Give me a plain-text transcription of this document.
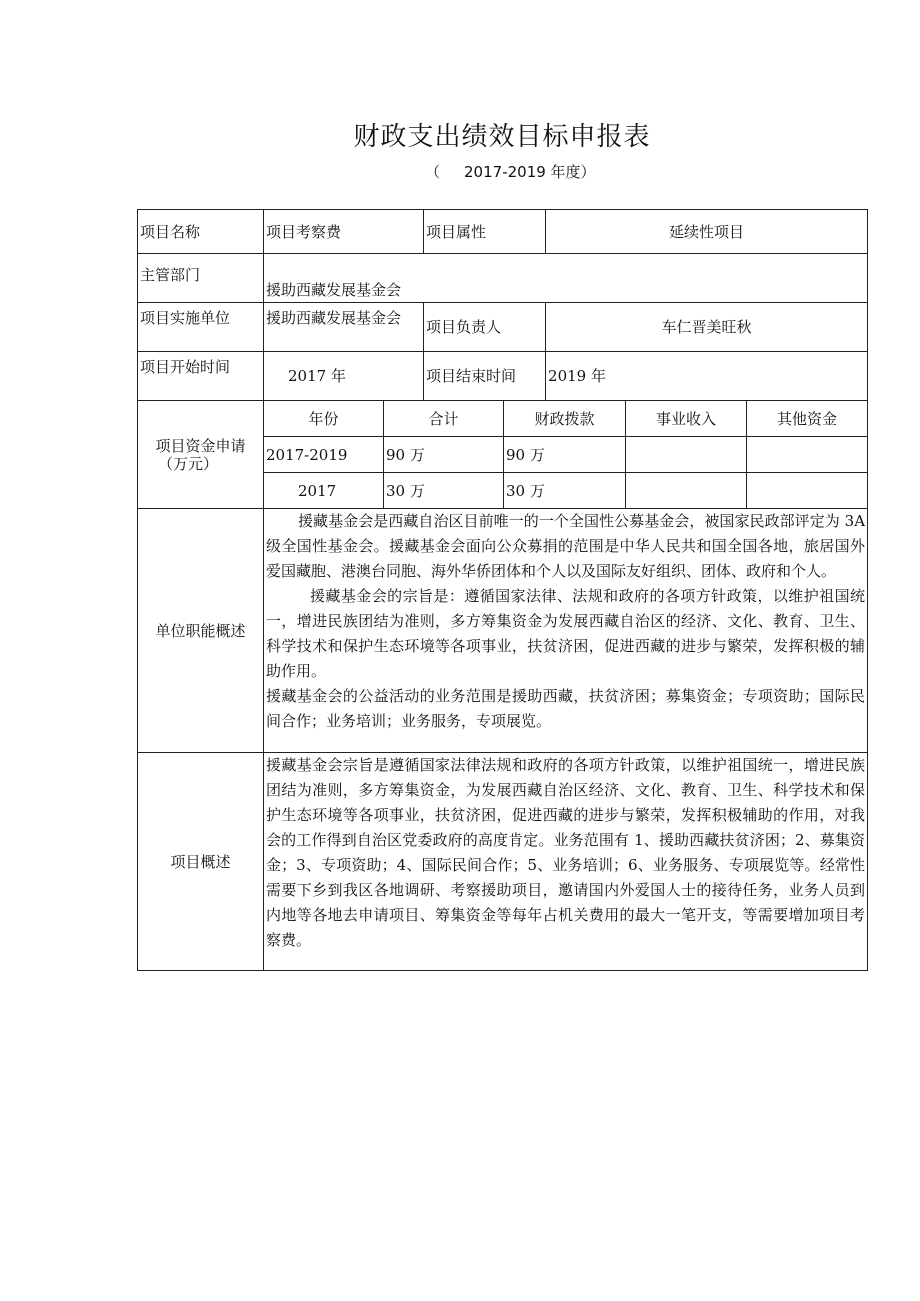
财政支出绩效目标申报表
（ 2017-2019 年度）
项目名称	项目考察费		项目属性		延续性项目		
主管部门	援助西藏发展基金会						
项目实施单位	援助西藏发展基金会		项目负责人		车仁晋美旺秋		
项目开始时间	2017 年		项目结束时间		2019 年		

项目资金申请
（万元）	年份	合计		财政拨款		事业收入	其他资金
	2017-2019	90 万		90 万			
	2017	30 万		30 万			
单位职能概述	援藏基金会是西藏自治区目前唯一的一个全国性公募基金会，被国家民政部评定为 3A 级全国性基金会。援藏基金会面向公众募捐的范围是中华人民共和国全国各地，旅居国外爱国藏胞、港澳台同胞、海外华侨团体和个人以及国际友好组织、团体、政府和个人。
援藏基金会的宗旨是：遵循国家法律、法规和政府的各项方针政策，以维护祖国统一，增进民族团结为准则，多方筹集资金为发展西藏自治区的经济、文化、教育、卫生、科学技术和保护生态环境等各项事业，扶贫济困，促进西藏的进步与繁荣，发挥积极的辅助作用。
援藏基金会的公益活动的业务范围是援助西藏，扶贫济困；募集资金；专项资助；国际民间合作；业务培训；业务服务，专项展览。						

项目概述	援藏基金会宗旨是遵循国家法律法规和政府的各项方针政策，以维护祖国统一，增进民族团结为准则，多方筹集资金，为发展西藏自治区经济、文化、教育、卫生、科学技术和保护生态环境等各项事业，扶贫济困，促进西藏的进步与繁荣，发挥积极辅助的作用，对我会的工作得到自治区党委政府的高度肯定。业务范围有 1、援助西藏扶贫济困；2、募集资金；3、专项资助；4、国际民间合作；5、业务培训；6、业务服务、专项展览等。经常性需要下乡到我区各地调研、考察援助项目，邀请国内外爱国人士的接待任务，业务人员到内地等各地去申请项目、筹集资金等每年占机关费用的最大一笔开支，等需要增加项目考察费。						
